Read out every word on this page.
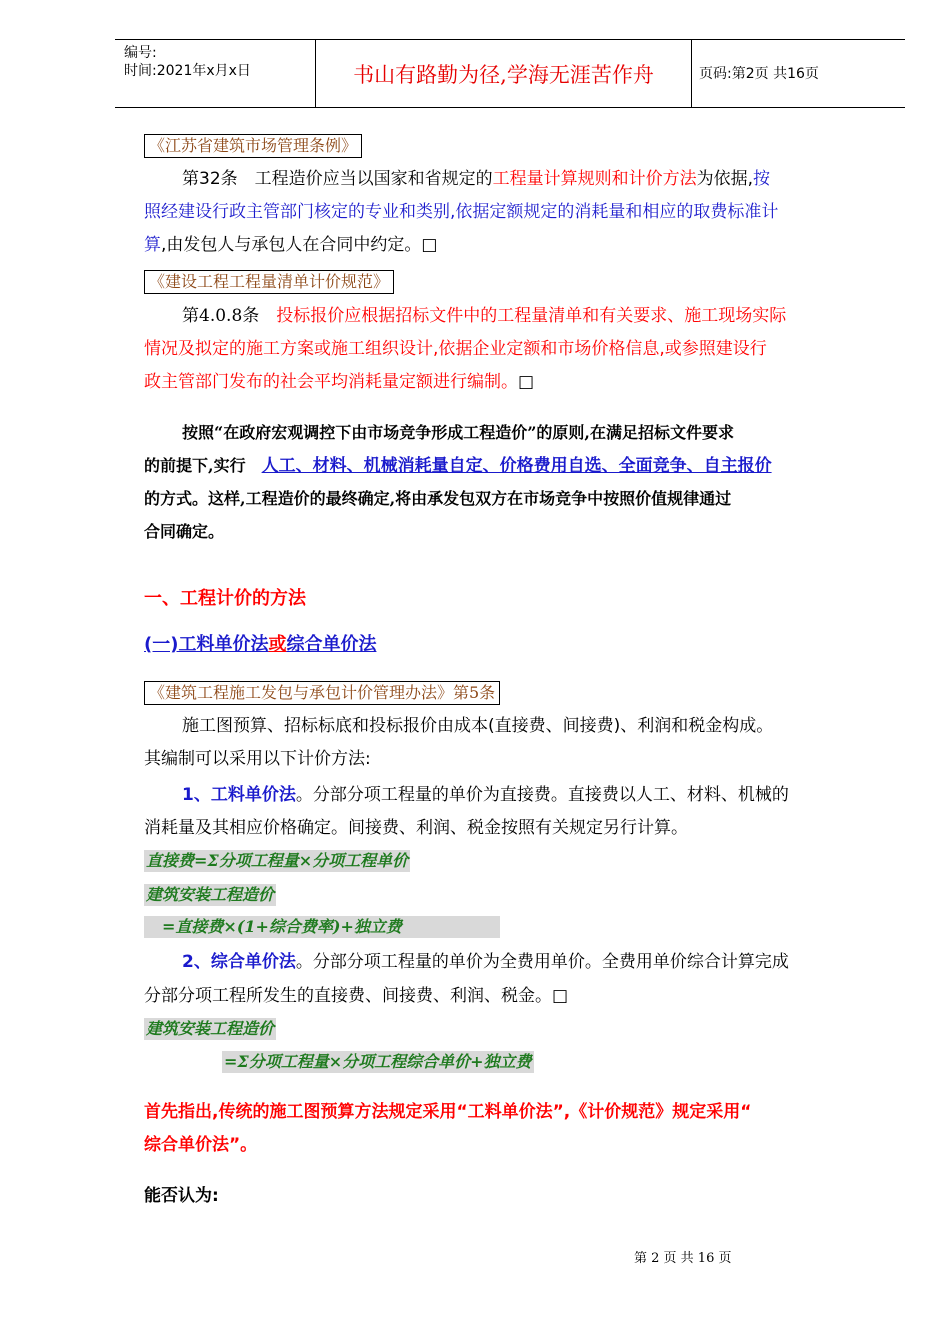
编号:
时间:2021年x月x日	书山有路勤为径,学海无涯苦作舟	页码:第2页 共16页
《江苏省建筑市场管理条例》
第32条　工程造价应当以国家和省规定的工程量计算规则和计价方法为依据,按
照经建设行政主管部门核定的专业和类别,依据定额规定的消耗量和相应的取费标准计
算,由发包人与承包人在合同中约定。□
《建设工程工程量清单计价规范》
第4.0.8条　投标报价应根据招标文件中的工程量清单和有关要求、施工现场实际
情况及拟定的施工方案或施工组织设计,依据企业定额和市场价格信息,或参照建设行
政主管部门发布的社会平均消耗量定额进行编制。□
按照“在政府宏观调控下由市场竞争形成工程造价”的原则,在满足招标文件要求
的前提下,实行　人工、材料、机械消耗量自定、价格费用自选、全面竞争、自主报价
的方式。这样,工程造价的最终确定,将由承发包双方在市场竞争中按照价值规律通过
合同确定。
一、工程计价的方法
(一)工料单价法或综合单价法
《建筑工程施工发包与承包计价管理办法》第5条
施工图预算、招标标底和投标报价由成本(直接费、间接费)、利润和税金构成。
其编制可以采用以下计价方法:
1、工料单价法。分部分项工程量的单价为直接费。直接费以人工、材料、机械的
消耗量及其相应价格确定。间接费、利润、税金按照有关规定另行计算。
直接费=Σ分项工程量×分项工程单价
建筑安装工程造价
　=直接费×(1+综合费率)+独立费
2、综合单价法。分部分项工程量的单价为全费用单价。全费用单价综合计算完成
分部分项工程所发生的直接费、间接费、利润、税金。□
建筑安装工程造价
=Σ分项工程量×分项工程综合单价+独立费
首先指出,传统的施工图预算方法规定采用“工料单价法”,《计价规范》规定采用“
综合单价法”。
能否认为:
第 2 页 共 16 页
